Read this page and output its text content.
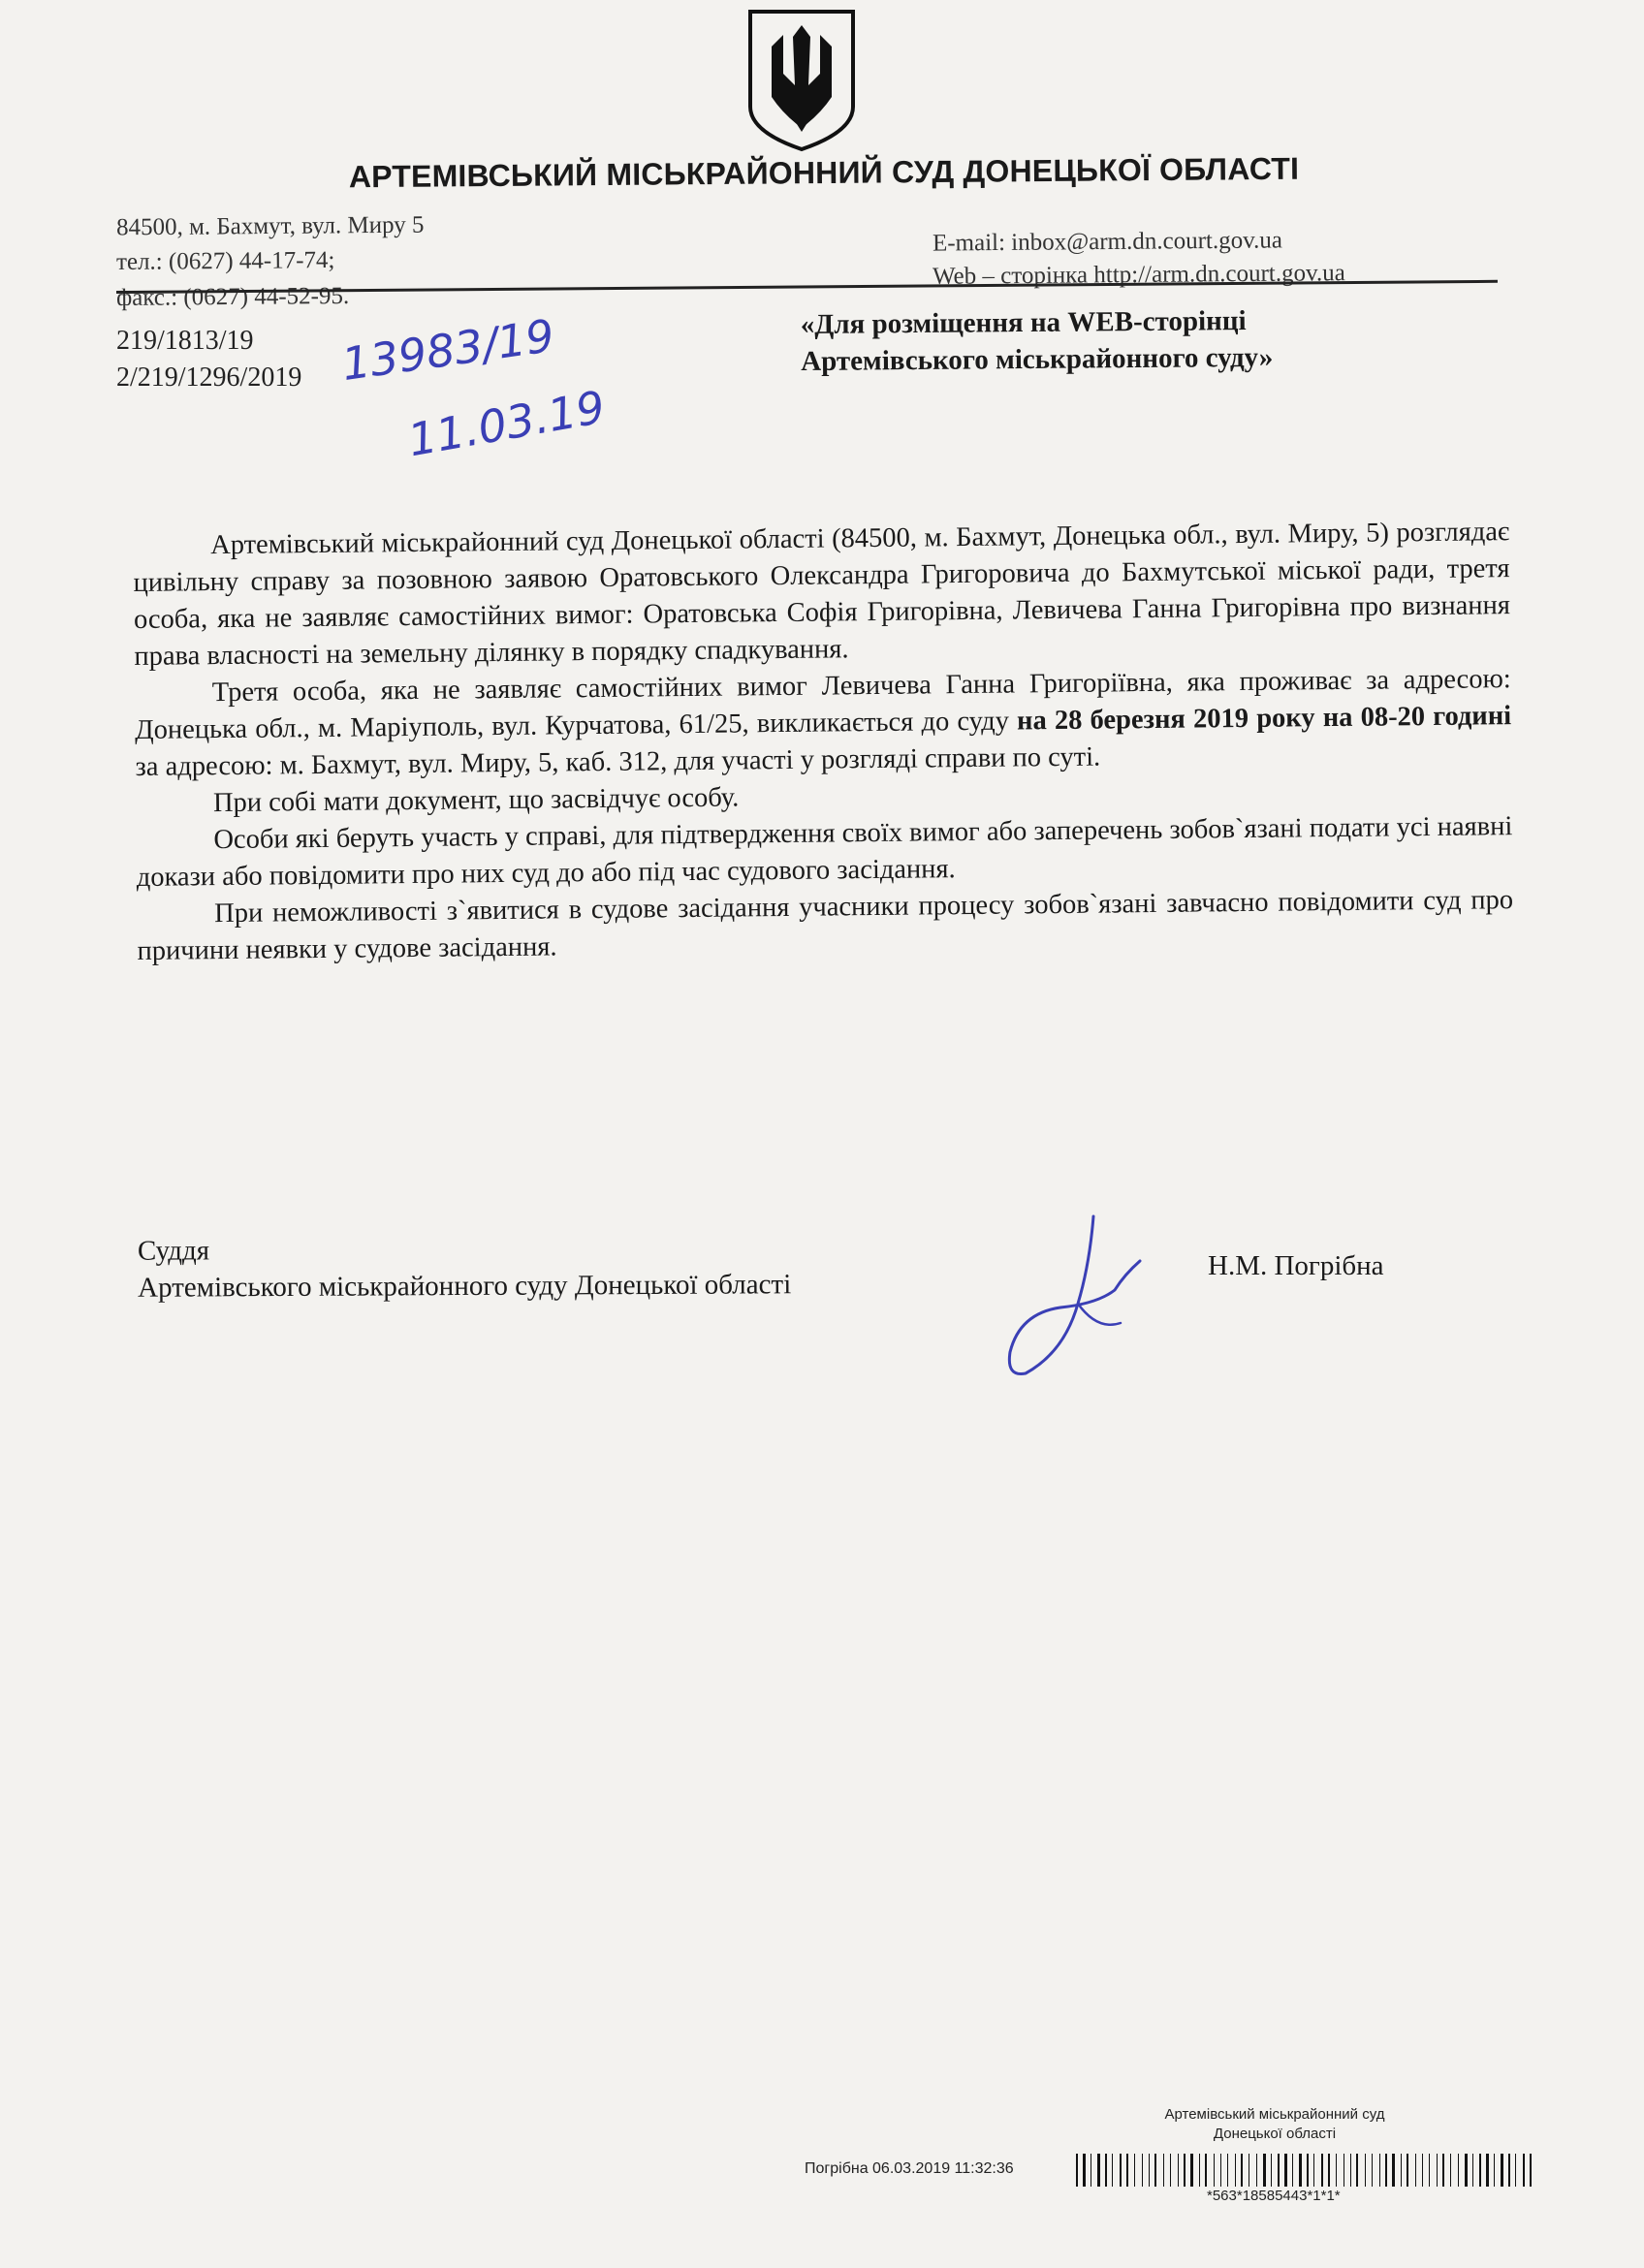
АРТЕМІВСЬКИЙ МІСЬКРАЙОННИЙ СУД ДОНЕЦЬКОЇ ОБЛАСТІ
84500, м. Бахмут, вул. Миру 5
тел.: (0627) 44-17-74;
факс.: (0627) 44-52-95.
E-mail: inbox@arm.dn.court.gov.ua
Web – сторінка http://arm.dn.court.gov.ua
219/1813/19
2/219/1296/2019 13983/19
11.03.19
«Для розміщення на WEB-сторінці
Артемівського міськрайонного суду»

Артемівський міськрайонний суд Донецької області (84500, м. Бахмут, Донецька обл., вул. Миру, 5) розглядає цивільну справу за позовною заявою Оратовського Олександра Григоровича до Бахмутської міської ради, третя особа, яка не заявляє самостійних вимог: Оратовська Софія Григорівна, Левичева Ганна Григорівна про визнання права власності на земельну ділянку в порядку спадкування.

Третя особа, яка не заявляє самостійних вимог Левичева Ганна Григоріївна, яка проживає за адресою: Донецька обл., м. Маріуполь, вул. Курчатова, 61/25, викликається до суду на 28 березня 2019 року на 08-20 годині за адресою: м. Бахмут, вул. Миру, 5, каб. 312, для участі у розгляді справи по суті.

При собі мати документ, що засвідчує особу.

Особи які беруть участь у справі, для підтвердження своїх вимог або заперечень зобов`язані подати усі наявні докази або повідомити про них суд до або під час судового засідання.

При неможливості з`явитися в судове засідання учасники процесу зобов`язані завчасно повідомити суд про причини неявки у судове засідання.

Суддя
Артемівського міськрайонного суду Донецької області
Н.М. Погрібна
Артемівський міськрайонний суд
Донецької області
Погрібна 06.03.2019 11:32:36
*563*18585443*1*1*
